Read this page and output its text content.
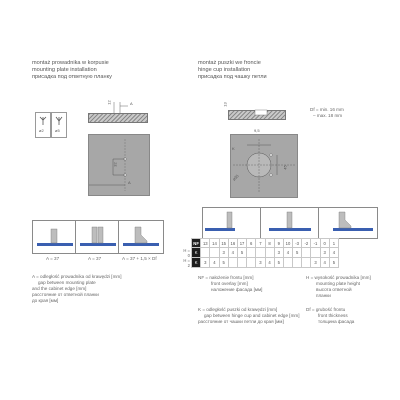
montaż prowadnika w korpusie
mounting plate installation
присадка под ответную планку
ø2	ø5
12	A
32
A
A = 37	A = 37	A = 37 + 1,5 × Df
A = odległość prowadnika od krawędzi [mm]
gap between mounting plate
and the cabinet edge [mm]
расстояние от ответной планки
до края [мм]
montaż puszki we froncie
hinge cup installation
присадка под чашку петли
13
Df = min. 16 mm
– max. 18 mm
K
9,5
ø35
45
	NF	13	14	15	16	17	6	7	8	9	10	-3	-2	-1	0	1
H = 0	K			3	4	5				3	4	5			3	4
H = 2	K	3	4	5				3	4	5				3	4	5
NF = nałożenie frontu [mm]
front overlay [mm]
наложение фасада [мм]
K = odległość puszki od krawędzi [mm]
gap between hinge cup and cabinet edge [mm]
расстояние от чашки петли до края [мм]
H = wysokość prowadnika [mm]
mounting plate height
высота ответной
планки
Df = grubość frontu
front thickness
толщина фасада
